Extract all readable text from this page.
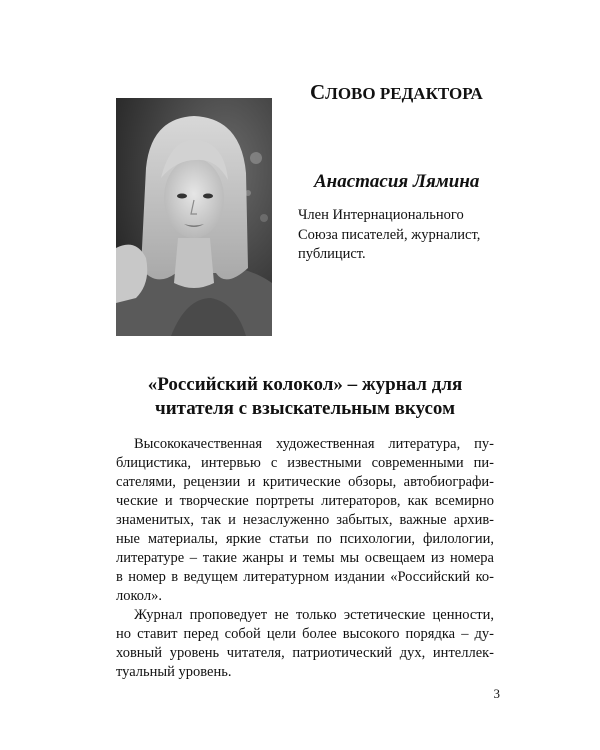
СЛОВО РЕДАКТОРА
Анастасия Лямина
Член Интернационального
Союза писателей, журналист,
публицист.
«Российский колокол» – журнал для
читателя с взыскательным вкусом
Высококачественная художественная литература, пу-
блицистика, интервью с известными современными пи-
сателями, рецензии и критические обзоры, автобиографи-
ческие и творческие портреты литераторов, как всемирно
знаменитых, так и незаслуженно забытых, важные архив-
ные материалы, яркие статьи по психологии, филологии,
литературе – такие жанры и темы мы освещаем из номера
в номер в ведущем литературном издании «Российский ко-
локол».
Журнал проповедует не только эстетические ценности,
но ставит перед собой цели более высокого порядка – ду-
ховный уровень читателя, патриотический дух, интеллек-
туальный уровень.
3
